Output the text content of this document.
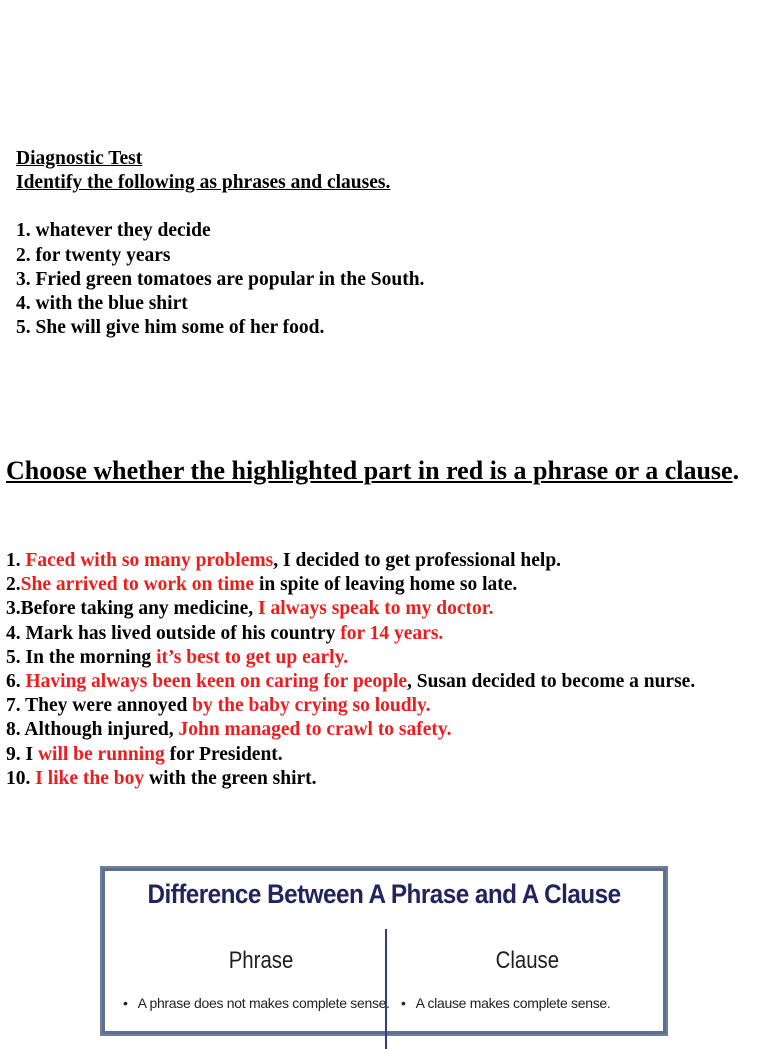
Diagnostic Test
Identify the following as phrases and clauses.
1. whatever they decide
2. for twenty years
3. Fried green tomatoes are popular in the South.
4. with the blue shirt
5. She will give him some of her food.
Choose whether the highlighted part in red is a phrase or a clause.

1. Faced with so many problems, I decided to get professional help.

2.She arrived to work on time in spite of leaving home so late.

3.Before taking any medicine, I always speak to my doctor.

4. Mark has lived outside of his country for 14 years.

5. In the morning it’s best to get up early.

6. Having always been keen on caring for people, Susan decided to become a nurse.

7. They were annoyed by the baby crying so loudly.

8. Although injured, John managed to crawl to safety.

9. I will be running for President.

10. I like the boy with the green shirt.

Difference Between A Phrase and A Clause
Phrase	Clause
• A phrase does not makes complete sense. • A clause makes complete sense.
